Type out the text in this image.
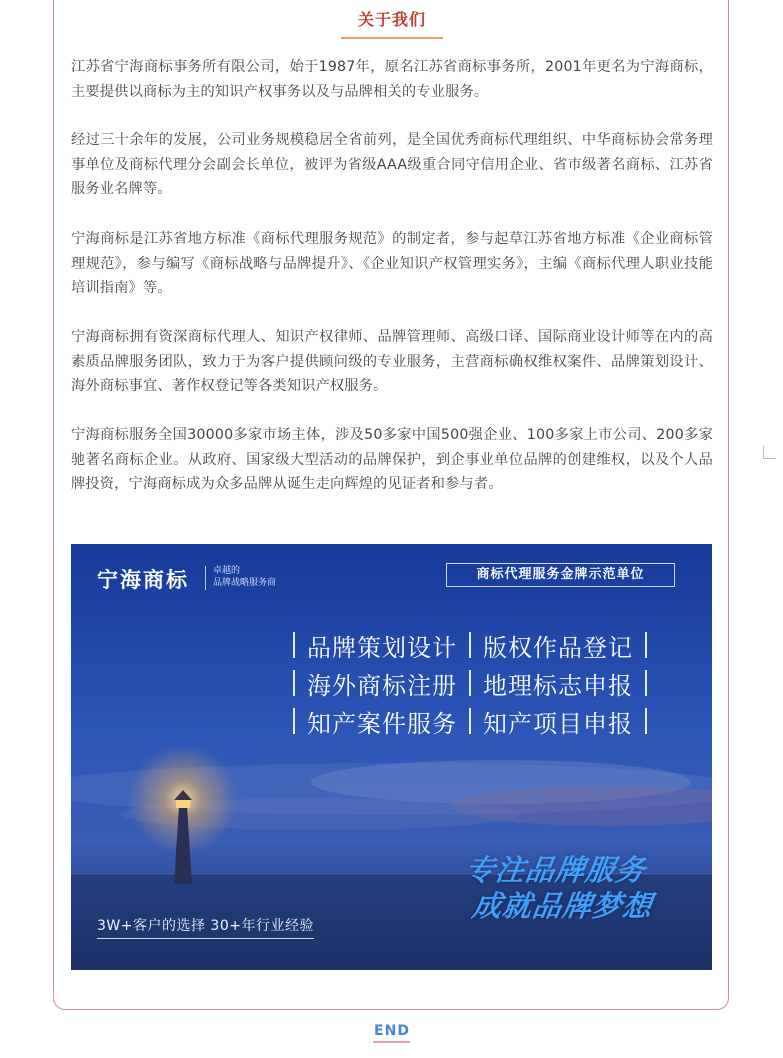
关于我们

江苏省宁海商标事务所有限公司，始于1987年，原名江苏省商标事务所，2001年更名为宁海商标，主要提供以商标为主的知识产权事务以及与品牌相关的专业服务。

经过三十余年的发展，公司业务规模稳居全省前列，是全国优秀商标代理组织、中华商标协会常务理事单位及商标代理分会副会长单位，被评为省级AAA级重合同守信用企业、省市级著名商标、江苏省服务业名牌等。

宁海商标是江苏省地方标准《商标代理服务规范》的制定者，参与起草江苏省地方标准《企业商标管理规范》，参与编写《商标战略与品牌提升》、《企业知识产权管理实务》，主编《商标代理人职业技能培训指南》等。

宁海商标拥有资深商标代理人、知识产权律师、品牌管理师、高级口译、国际商业设计师等在内的高素质品牌服务团队，致力于为客户提供顾问级的专业服务，主营商标确权维权案件、品牌策划设计、海外商标事宜、著作权登记等各类知识产权服务。

宁海商标服务全国30000多家市场主体，涉及50多家中国500强企业、100多家上市公司、200多家驰著名商标企业。从政府、国家级大型活动的品牌保护，到企事业单位品牌的创建维权，以及个人品牌投资，宁海商标成为众多品牌从诞生走向辉煌的见证者和参与者。

宁海商标	卓越的
品牌战略服务商
商标代理服务金牌示范单位
品牌策划设计 版权作品登记
海外商标注册 地理标志申报
知产案件服务 知产项目申报
专注品牌服务
成就品牌梦想
3W+客户的选择 30+年行业经验
END
